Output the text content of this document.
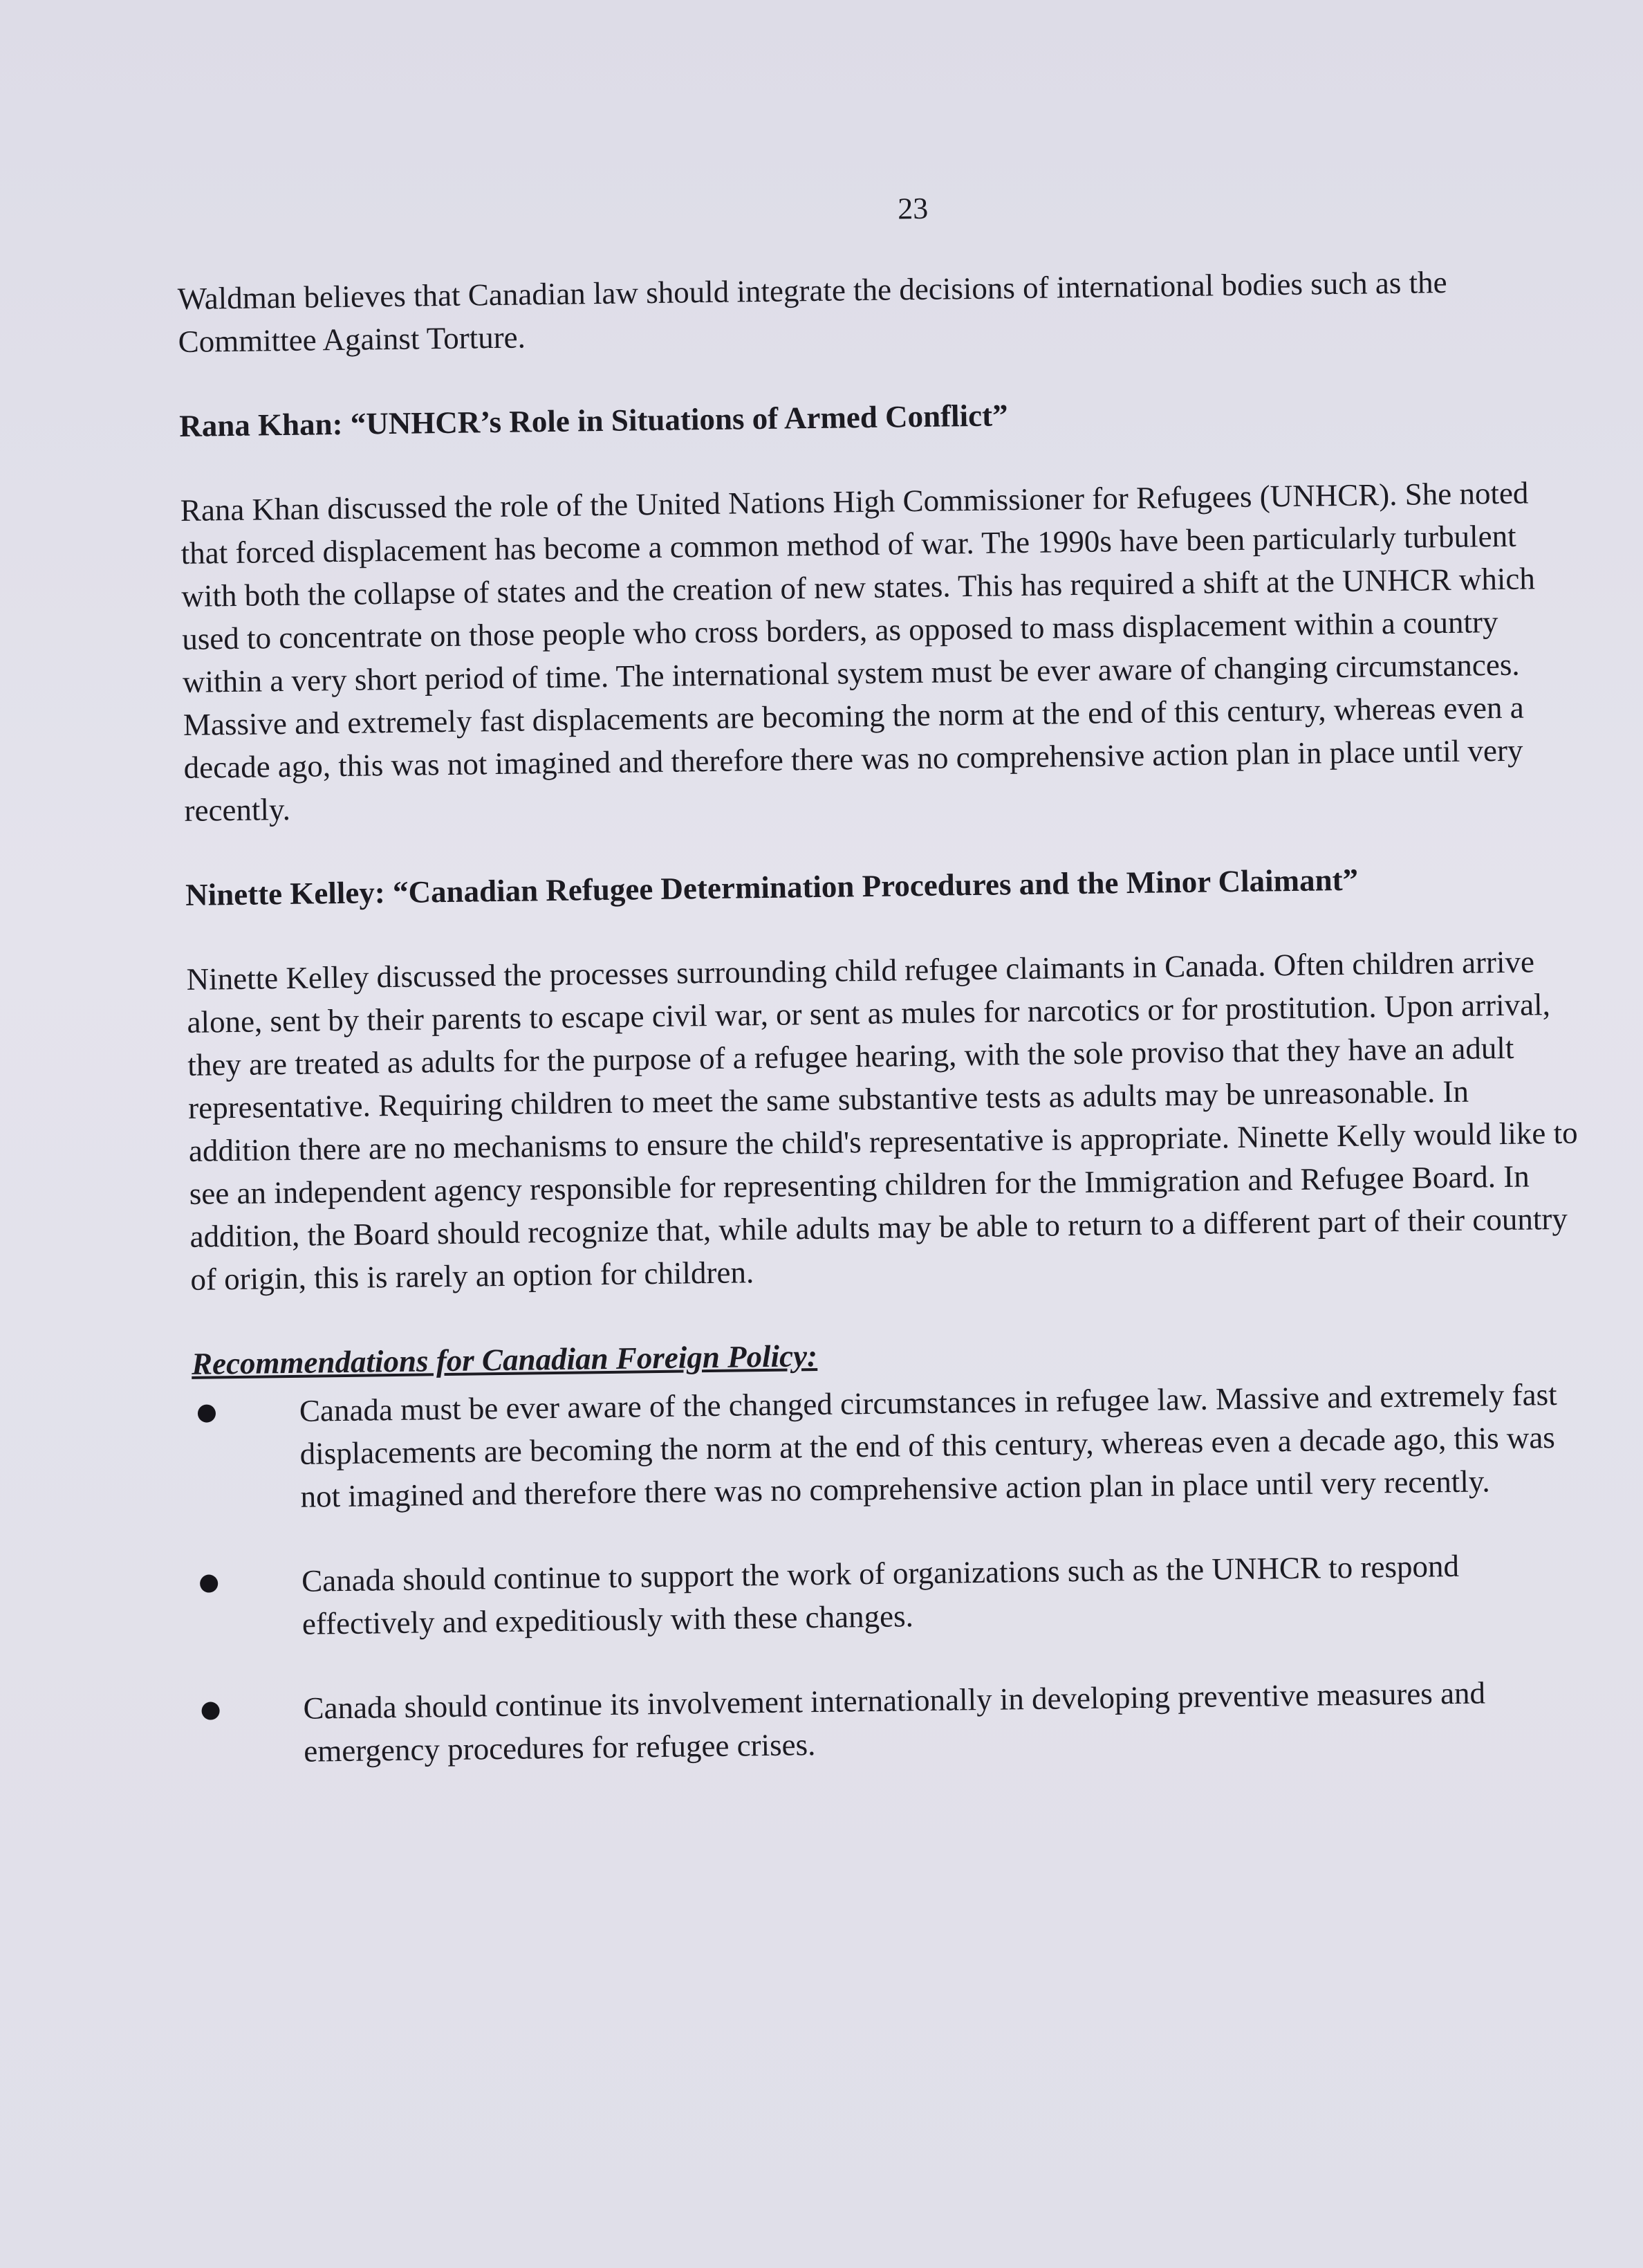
23

Waldman believes that Canadian law should integrate the decisions of international bodies such as the Committee Against Torture.

Rana Khan: “UNHCR’s Role in Situations of Armed Conflict”

Rana Khan discussed the role of the United Nations High Commissioner for Refugees (UNHCR). She noted that forced displacement has become a common method of war. The 1990s have been particularly turbulent with both the collapse of states and the creation of new states. This has required a shift at the UNHCR which used to concentrate on those people who cross borders, as opposed to mass displacement within a country within a very short period of time. The international system must be ever aware of changing circumstances. Massive and extremely fast displacements are becoming the norm at the end of this century, whereas even a decade ago, this was not imagined and therefore there was no comprehensive action plan in place until very recently.

Ninette Kelley: “Canadian Refugee Determination Procedures and the Minor Claimant”

Ninette Kelley discussed the processes surrounding child refugee claimants in Canada. Often children arrive alone, sent by their parents to escape civil war, or sent as mules for narcotics or for prostitution. Upon arrival, they are treated as adults for the purpose of a refugee hearing, with the sole proviso that they have an adult representative. Requiring children to meet the same substantive tests as adults may be unreasonable. In addition there are no mechanisms to ensure the child's representative is appropriate. Ninette Kelly would like to see an independent agency responsible for representing children for the Immigration and Refugee Board. In addition, the Board should recognize that, while adults may be able to return to a different part of their country of origin, this is rarely an option for children.

Recommendations for Canadian Foreign Policy:
Canada must be ever aware of the changed circumstances in refugee law. Massive and extremely fast displacements are becoming the norm at the end of this century, whereas even a decade ago, this was not imagined and therefore there was no comprehensive action plan in place until very recently.
Canada should continue to support the work of organizations such as the UNHCR to respond effectively and expeditiously with these changes.
Canada should continue its involvement internationally in developing preventive measures and emergency procedures for refugee crises.
